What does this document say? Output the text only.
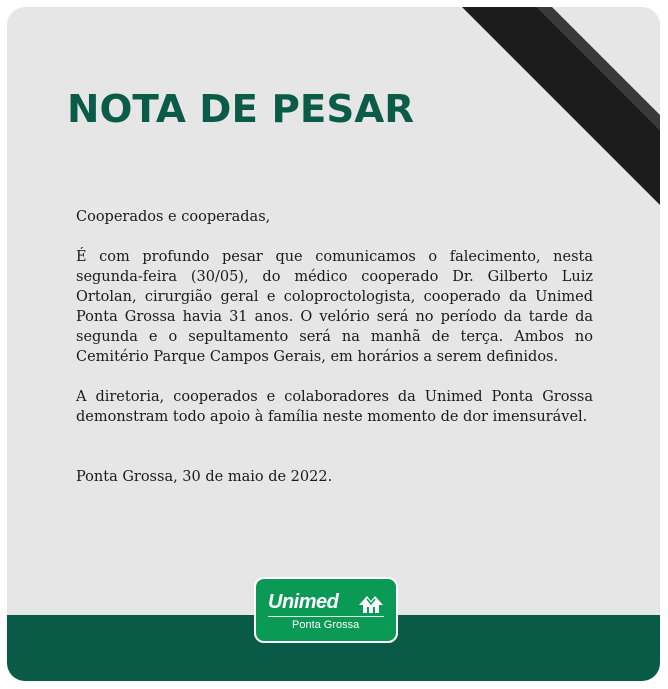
NOTA DE PESAR

Cooperados e cooperadas,

É com profundo pesar que comunicamos o falecimento, nesta segunda-feira (30/05), do médico cooperado Dr. Gilberto Luiz Ortolan, cirurgião geral e coloproctologista, cooperado da Unimed Ponta Grossa havia 31 anos. O velório será no período da tarde da segunda e o sepultamento será na manhã de terça. Ambos no Cemitério Parque Campos Gerais, em horários a serem definidos.

A diretoria, cooperados e colaboradores da Unimed Ponta Grossa demonstram todo apoio à família neste momento de dor imensurável.

Ponta Grossa, 30 de maio de 2022.

Unimed
Ponta Grossa
